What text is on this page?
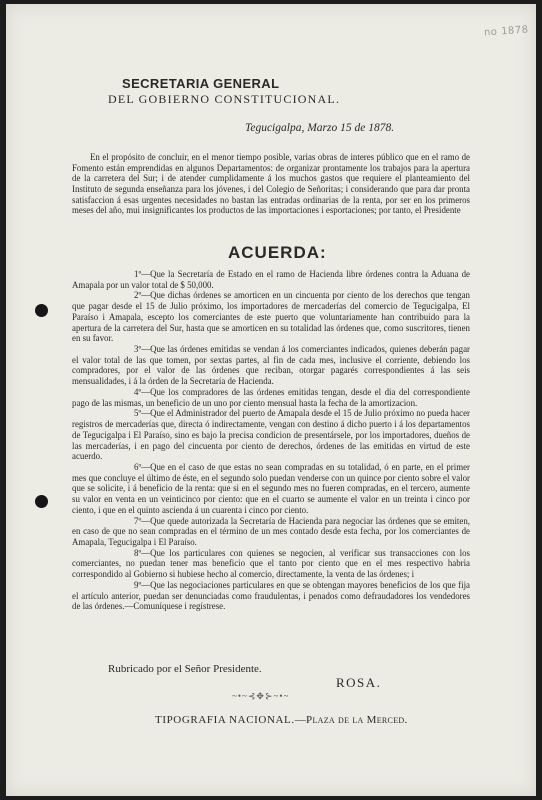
no 1878
SECRETARIA GENERAL
DEL GOBIERNO CONSTITUCIONAL.
Tegucigalpa, Marzo 15 de 1878.

En el propósito de concluir, en el menor tiempo posible, varias obras de interes público que en el ramo de Fomento están emprendidas en algunos Departamentos: de organizar prontamente los trabajos para la apertura de la carretera del Sur; i de atender cumplidamente á los muchos gastos que requiere el planteamiento del Instituto de segunda enseñanza para los jóvenes, i del Colegio de Señoritas; i considerando que para dar pronta satisfaccion á esas urgentes necesidades no bastan las entradas ordinarias de la renta, por ser en los primeros meses del año, mui insignificantes los productos de las importaciones i esportaciones; por tanto, el Presidente

ACUERDA:

1º—Que la Secretaría de Estado en el ramo de Hacienda libre órdenes contra la Aduana de Amapala por un valor total de $ 50,000.

2º—Que dichas órdenes se amorticen en un cincuenta por ciento de los derechos que tengan que pagar desde el 15 de Julio próximo, los importadores de mercaderías del comercio de Tegucigalpa, El Paraíso i Amapala, escepto los comerciantes de este puerto que voluntariamente han contribuido para la apertura de la carretera del Sur, hasta que se amorticen en su totalidad las órdenes que, como suscritores, tienen en su favor.

3º—Que las órdenes emitidas se vendan á los comerciantes indicados, quienes deberán pagar el valor total de las que tomen, por sextas partes, al fin de cada mes, inclusive el corriente, debiendo los compradores, por el valor de las órdenes que reciban, otorgar pagarés correspondientes á las seis mensualidades, i á la órden de la Secretaría de Hacienda.

4º—Que los compradores de las órdenes emitidas tengan, desde el dia del correspondiente pago de las mismas, un beneficio de un uno por ciento mensual hasta la fecha de la amortizacion.

5º—Que el Administrador del puerto de Amapala desde el 15 de Julio próximo no pueda hacer registros de mercaderías que, directa ó indirectamente, vengan con destino á dicho puerto i á los departamentos de Tegucigalpa i El Paraíso, sino es bajo la precisa condicion de presentársele, por los importadores, dueños de las mercaderías, i en pago del cincuenta por ciento de derechos, órdenes de las emitidas en virtud de este acuerdo.

6º—Que en el caso de que estas no sean compradas en su totalidad, ó en parte, en el primer mes que concluye el último de éste, en el segundo solo puedan venderse con un quince por ciento sobre el valor que se solicite, i á beneficio de la renta: que si en el segundo mes no fueren compradas, en el tercero, aumente su valor en venta en un veinticinco por ciento: que en el cuarto se aumente el valor en un treinta i cinco por ciento, i que en el quinto ascienda á un cuarenta i cinco por ciento.

7º—Que quede autorizada la Secretaría de Hacienda para negociar las órdenes que se emiten, en caso de que no sean compradas en el término de un mes contado desde esta fecha, por los comerciantes de Amapala, Tegucigalpa i El Paraíso.

8º—Que los particulares con quienes se negocien, al verificar sus transacciones con los comerciantes, no puedan tener mas beneficio que el tanto por ciento que en el mes respectivo habria correspondido al Gobierno si hubiese hecho al comercio, directamente, la venta de las órdenes; i

9º—Que las negociaciones particulares en que se obtengan mayores beneficios de los que fija el artículo anterior, puedan ser denunciadas como fraudulentas, i penados como defraudadores los vendedores de las órdenes.—Comuníquese i regístrese.

Rubricado por el Señor Presidente.
ROSA.
~•~⊰✥⊱~•~
TIPOGRAFIA NACIONAL.—Plaza de la Merced.
